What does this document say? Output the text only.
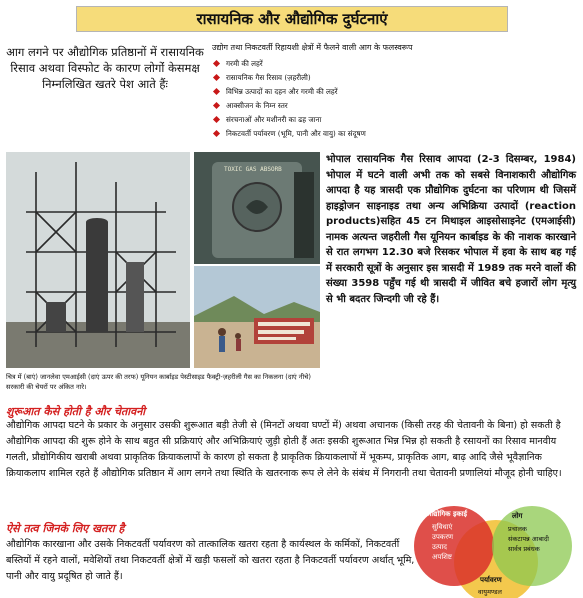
रासायनिक और औद्योगिक दुर्घटनाएं
आग लगने पर औद्योगिक प्रतिष्ठानों में रासायनिक रिसाव अथवा विस्फोट के कारण लोगोंं केसमक्ष निम्नलिखित खतरे पेश आते हैंः
उद्योग तथा निकटवर्ती रिहायशी क्षेत्रों में फैलने वाली आग के फलस्वरूप
गरमी की लहरें
रासायनिक गैस रिसाव (ज़हरीली)
विभिन्न उत्पादों का दहन और गरमी की लहरें
आक्सीजन के निम्न स्तर
संरचनाओं और मशीनरी का ढह जाना
निकटवर्ती पर्यावरण (भूमि, पानी और वायु) का संदूषण
TOXIC GAS ABSORB
चित्र में (बाएं) जानलेवा एमआईसी (दाएं ऊपर की तरफ) यूनियन कार्बाइड पेस्टीसाइड फैक्ट्री-ज़हरीली गैस का निकलना (दाएं नीचे) सरकारी की चेयरों पर अंकित नारे।
भोपाल रासायनिक गैस रिसाव आपदा (2-3 दिसम्बर, 1984) भोपाल में घटने वाली अभी तक को सबसे विनाशकारी औद्योगिक आपदा है यह त्रासदी एक प्रौद्योगिक दुर्घटना का परिणाम थी जिसमें हाइड्रोजन साइनाइड तथा अन्य अभिक्रिया उत्पादों (reaction products)सहित 45 टन मिथाइल आइसोसाइनेट (एमआईसी) नामक अत्यन्त जहरीली गैस यूनियन कार्बाइड के की नाशक कारखाने से रात लगभग 12.30 बजे रिसकर भोपाल में हवा के साथ बह गई में सरकारी सूत्रों के अनुसार इस त्रासदी में 1989 तक मरने वालों की संख्या 3598 पहुँच गई थी त्रासदी में जीवित बचे हजारों लोग मृत्यु से भी बदतर जिन्दगी जी रहे हैं।
शुरूआत कैसे होती है और चेतावनी
औद्योगिक आपदा घटने के प्रकार के अनुसार उसकी शुरूआत बड़ी तेजी से (मिनटों अथवा घण्टों में) अथवा अचानक (किसी तरह की चेतावनी के बिना) हो सकती है औद्योगिक आपदा की शुरू होने के साथ बहुत सी प्रक्रियाएं और अभिक्रियाएं जुड़ी होती हैं अतः इसकी शुरूआत भिन्न भिन्न हो सकती है रसायनों का रिसाव मानवीय गलती, प्रौद्योगिकीय खराबी अथवा प्राकृतिक क्रियाकलापों के कारण हो सकता है प्राकृतिक क्रियाकलापों में भूकम्प, प्राकृतिक आग, बाढ़ आदि जैसे भूवैज्ञानिक क्रियाकलाप शामिल रहते हैं औद्योगिक प्रतिष्ठान में आग लगने तथा स्थिति के खतरनाक रूप ले लेने के संबंध में निगरानी तथा चेतावनी प्रणालियां मौजूद होनी चाहिए।
ऐसे तत्व जिनके लिए खतरा है
औद्योगिक कारखाना और उसके निकटवर्ती पर्यावरण को तात्कालिक खतरा रहता है कार्यस्थल के कर्मिकों, निकटवर्ती बस्तियों में रहने वालों, मवेशियों तथा निकटवर्ती क्षेत्रों में खड़ी फसलों को खतरा रहता है निकटवर्ती पर्यावरण अर्थात् भूमि, पानी और वायु प्रदूषित हो जाते हैं।
औद्योगिक इकाई
सुविधाएं
उपकरण
उत्पाद
अपशिष्ट
लोग
प्रचालक
संकटापन्न आबादी
सार्वत्र प्रबंधक
पर्यावरण
वायुमण्डल
